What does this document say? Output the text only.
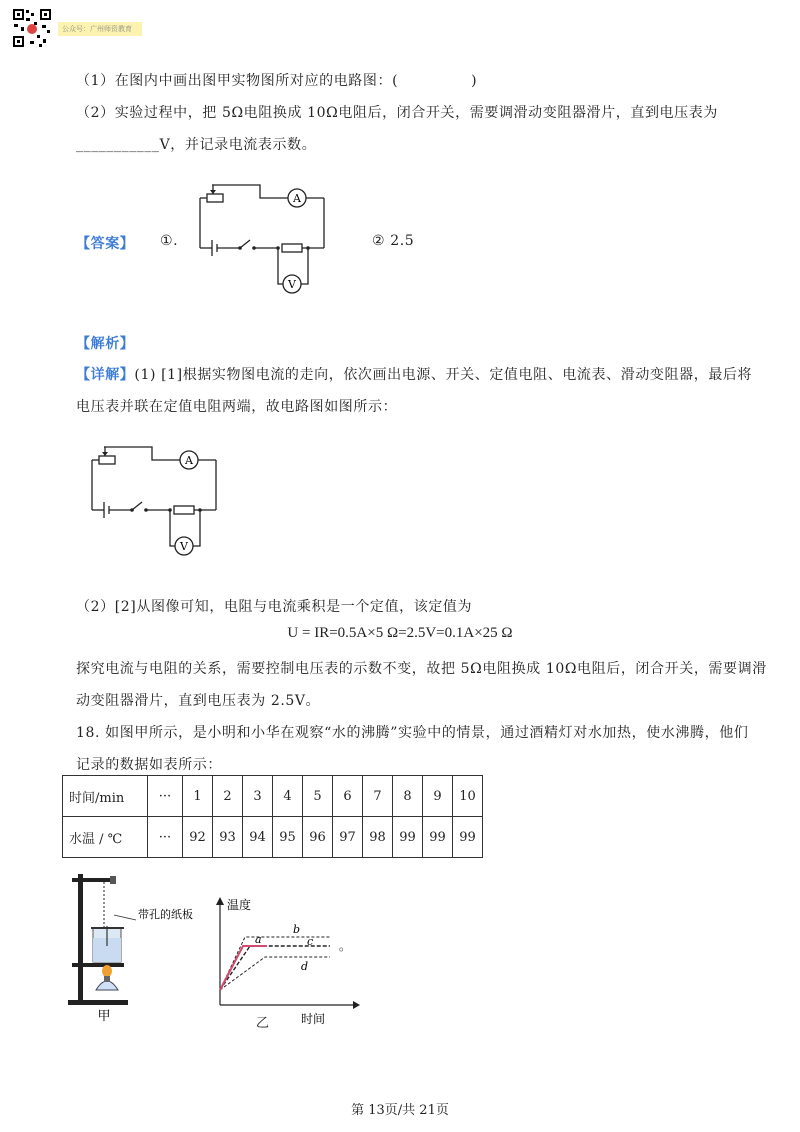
公众号：广州师资教育
（1）在图内中画出图甲实物图所对应的电路图：(　　　　　)
（2）实验过程中，把 5Ω电阻换成 10Ω电阻后，闭合开关，需要调滑动变阻器滑片，直到电压表为
___________V，并记录电流表示数。
【答案】 ①.	② 2.5
A
V
【解析】
【详解】(1) [1]根据实物图电流的走向，依次画出电源、开关、定值电阻、电流表、滑动变阻器，最后将
电压表并联在定值电阻两端，故电路图如图所示：
A
V
（2）[2]从图像可知，电阻与电流乘积是一个定值，该定值为
U = IR=0.5A×5 Ω=2.5V=0.1A×25 Ω
探究电流与电阻的关系，需要控制电压表的示数不变，故把 5Ω电阻换成 10Ω电阻后，闭合开关，需要调滑
动变阻器滑片，直到电压表为 2.5V。
18. 如图甲所示，是小明和小华在观察“水的沸腾”实验中的情景，通过酒精灯对水加热，使水沸腾，他们
记录的数据如表所示：
时间/min	···	1	2	3	4	5	6	7	8	9	10
水温 / ℃	···	92	93	94	95	96	97	98	99	99	99
甲
带孔的纸板
温度
时间
a
b
c
d
。
乙
第 13页/共 21页
